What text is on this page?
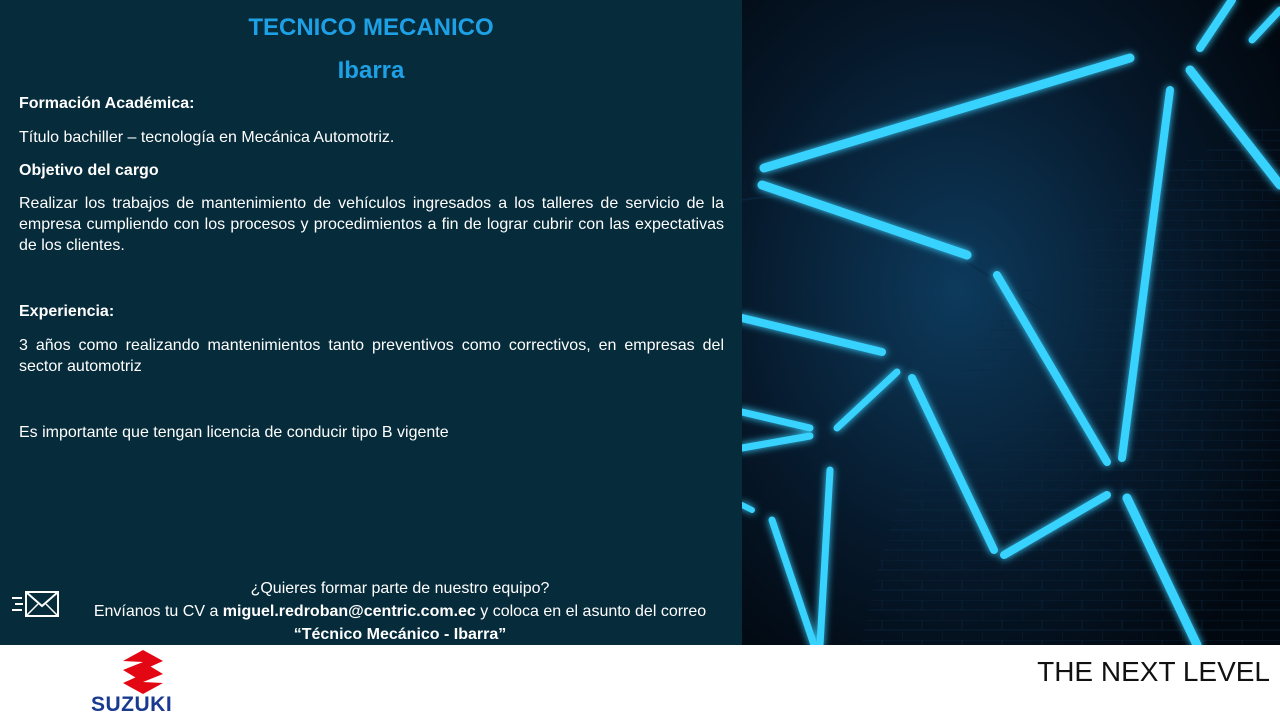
TECNICO MECANICO
Ibarra
Formación Académica:
Título bachiller – tecnología en Mecánica Automotriz.
Objetivo del cargo
Realizar los trabajos de mantenimiento de vehículos ingresados a los talleres de servicio de la empresa cumpliendo con los procesos y procedimientos a fin de lograr cubrir con las expectativas de los clientes.
Experiencia:
3 años como realizando mantenimientos tanto preventivos como correctivos, en empresas del sector automotriz
Es importante que tengan licencia de conducir tipo B vigente
¿Quieres formar parte de nuestro equipo?
Envíanos tu CV a miguel.redroban@centric.com.ec y coloca en el asunto del correo
“Técnico Mecánico - Ibarra”
SUZUKI
THE NEXT LEVEL
